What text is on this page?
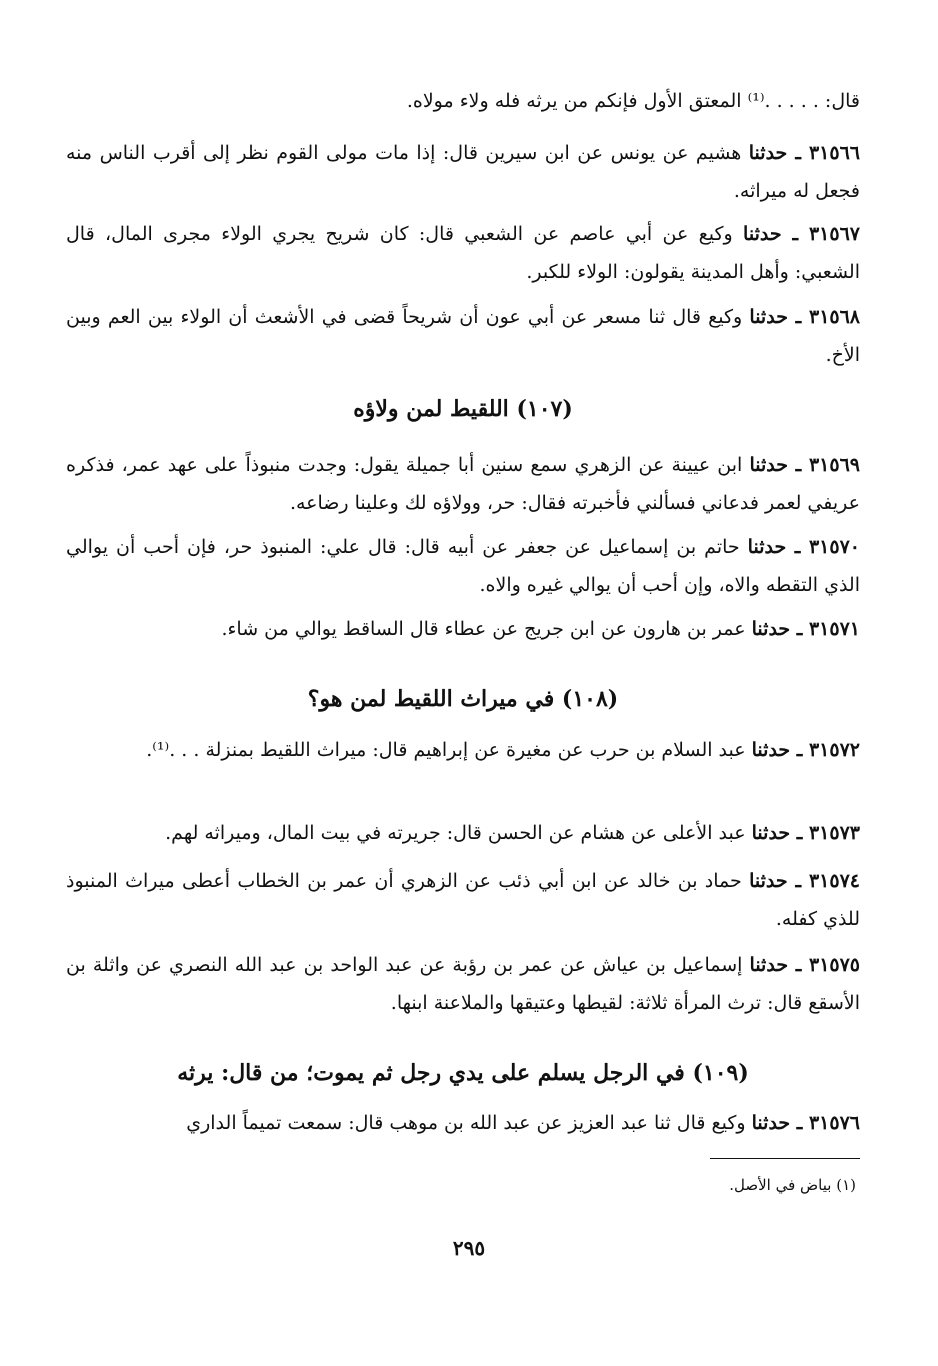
قال: . . . . .⁽¹⁾ المعتق الأول فإنكم من يرثه فله ولاء مولاه.

٣١٥٦٦ ـ حدثنا هشيم عن يونس عن ابن سيرين قال: إذا مات مولى القوم نظر إلى أقرب الناس منه فجعل له ميراثه.

٣١٥٦٧ ـ حدثنا وكيع عن أبي عاصم عن الشعبي قال: كان شريح يجري الولاء مجرى المال، قال الشعبي: وأهل المدينة يقولون: الولاء للكبر.

٣١٥٦٨ ـ حدثنا وكيع قال ثنا مسعر عن أبي عون أن شريحاً قضى في الأشعث أن الولاء بين العم وبين الأخ.

(١٠٧) اللقيط لمن ولاؤه

٣١٥٦٩ ـ حدثنا ابن عيينة عن الزهري سمع سنين أبا جميلة يقول: وجدت منبوذاً على عهد عمر، فذكره عريفي لعمر فدعاني فسألني فأخبرته فقال: حر، وولاؤه لك وعلينا رضاعه.

٣١٥٧٠ ـ حدثنا حاتم بن إسماعيل عن جعفر عن أبيه قال: قال علي: المنبوذ حر، فإن أحب أن يوالي الذي التقطه والاه، وإن أحب أن يوالي غيره والاه.

٣١٥٧١ ـ حدثنا عمر بن هارون عن ابن جريج عن عطاء قال الساقط يوالي من شاء.

(١٠٨) في ميراث اللقيط لمن هو؟

٣١٥٧٢ ـ حدثنا عبد السلام بن حرب عن مغيرة عن إبراهيم قال: ميراث اللقيط بمنزلة . . .⁽¹⁾.

٣١٥٧٣ ـ حدثنا عبد الأعلى عن هشام عن الحسن قال: جريرته في بيت المال، وميراثه لهم.

٣١٥٧٤ ـ حدثنا حماد بن خالد عن ابن أبي ذئب عن الزهري أن عمر بن الخطاب أعطى ميراث المنبوذ للذي كفله.

٣١٥٧٥ ـ حدثنا إسماعيل بن عياش عن عمر بن رؤبة عن عبد الواحد بن عبد الله النصري عن واثلة بن الأسقع قال: ترث المرأة ثلاثة: لقيطها وعتيقها والملاعنة ابنها.

(١٠٩) في الرجل يسلم على يدي رجل ثم يموت؛ من قال: يرثه

٣١٥٧٦ ـ حدثنا وكيع قال ثنا عبد العزيز عن عبد الله بن موهب قال: سمعت تميماً الداري

(١) بياض في الأصل.

٢٩٥
